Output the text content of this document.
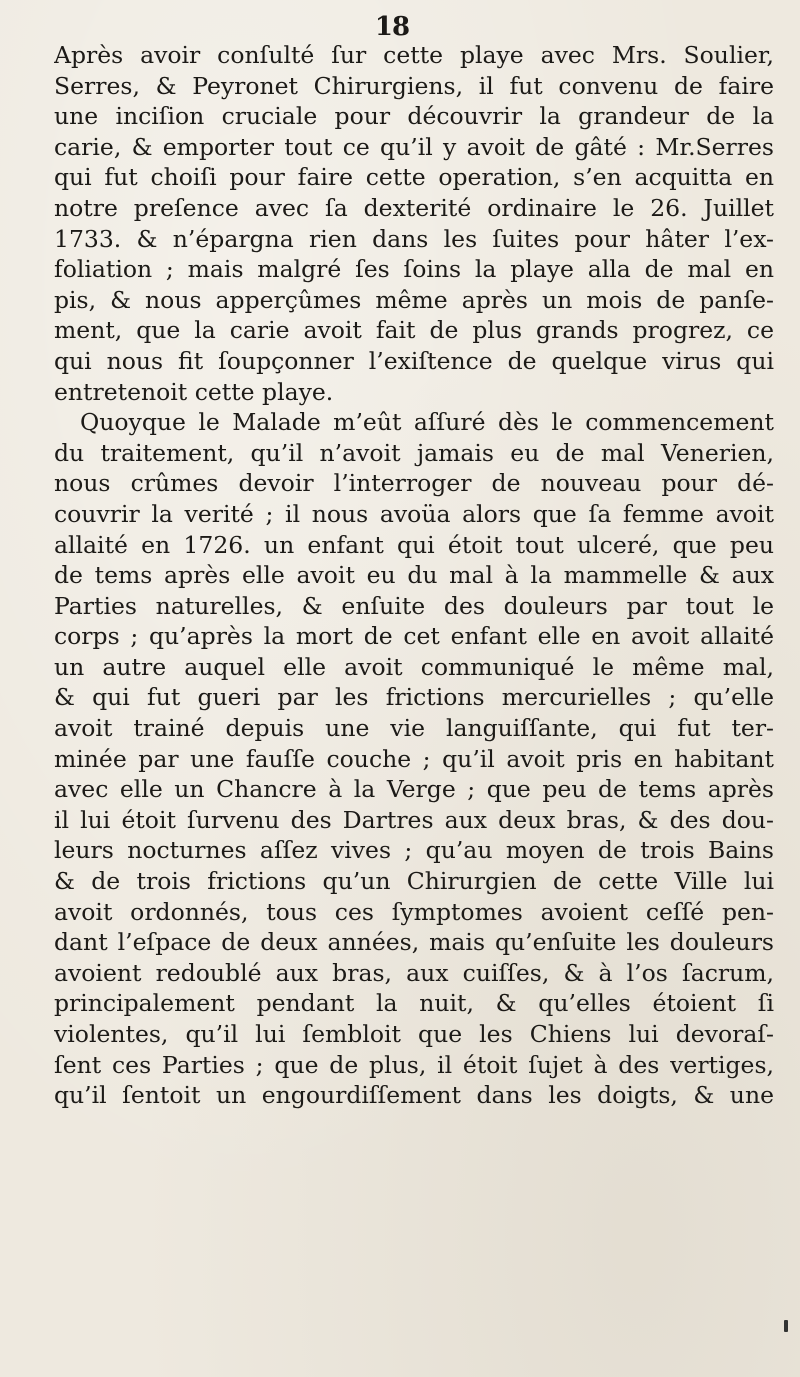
18
Après avoir conſulté ſur cette playe avec Mrs. Soulier,
Serres, & Peyronet Chirurgiens, il fut convenu de faire
une inciſion cruciale pour découvrir la grandeur de la
carie, & emporter tout ce qu’il y avoit de gâté : Mr.Serres
qui fut choiſi pour faire cette operation, s’en acquitta en
notre preſence avec ſa dexterité ordinaire le 26. Juillet
1733. & n’épargna rien dans les ſuites pour hâter l’ex-
foliation ; mais malgré ſes ſoins la playe alla de mal en
pis, & nous apperçûmes même après un mois de panſe-
ment, que la carie avoit fait de plus grands progrez, ce
qui nous fit ſoupçonner l’exiſtence de quelque virus qui
entretenoit cette playe.
Quoyque le Malade m’eût aſſuré dès le commencement
du traitement, qu’il n’avoit jamais eu de mal Venerien,
nous crûmes devoir l’interroger de nouveau pour dé-
couvrir la verité ; il nous avoüa alors que ſa femme avoit
allaité en 1726. un enfant qui étoit tout ulceré, que peu
de tems après elle avoit eu du mal à la mammelle & aux
Parties naturelles, & enſuite des douleurs par tout le
corps ; qu’après la mort de cet enfant elle en avoit allaité
un autre auquel elle avoit communiqué le même mal,
& qui fut gueri par les frictions mercurielles ; qu’elle
avoit trainé depuis une vie languiſſante, qui fut ter-
minée par une fauſſe couche ; qu’il avoit pris en habitant
avec elle un Chancre à la Verge ; que peu de tems après
il lui étoit ſurvenu des Dartres aux deux bras, & des dou-
leurs nocturnes aſſez vives ; qu’au moyen de trois Bains
& de trois frictions qu’un Chirurgien de cette Ville lui
avoit ordonnés, tous ces ſymptomes avoient ceſſé pen-
dant l’eſpace de deux années, mais qu’enſuite les douleurs
avoient redoublé aux bras, aux cuiſſes, & à l’os ſacrum,
principalement pendant la nuit, & qu’elles étoient ſi
violentes, qu’il lui ſembloit que les Chiens lui devoraſ-
ſent ces Parties ; que de plus, il étoit ſujet à des vertiges,
qu’il ſentoit un engourdiſſement dans les doigts, & une
